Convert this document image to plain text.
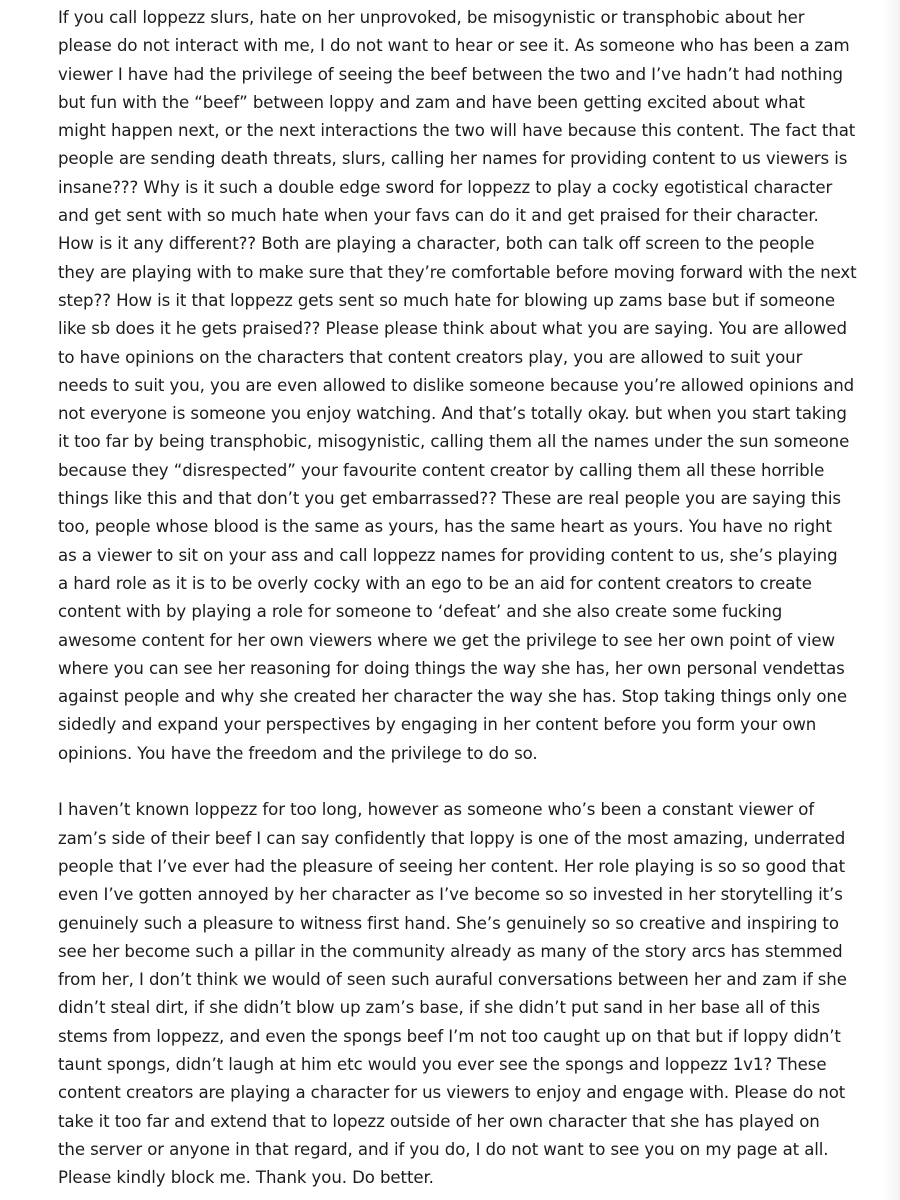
If you call loppezz slurs, hate on her unprovoked, be misogynistic or transphobic about her
please do not interact with me, I do not want to hear or see it. As someone who has been a zam
viewer I have had the privilege of seeing the beef between the two and I’ve hadn’t had nothing
but fun with the “beef” between loppy and zam and have been getting excited about what
might happen next, or the next interactions the two will have because this content. The fact that
people are sending death threats, slurs, calling her names for providing content to us viewers is
insane??? Why is it such a double edge sword for loppezz to play a cocky egotistical character
and get sent with so much hate when your favs can do it and get praised for their character.
How is it any different?? Both are playing a character, both can talk off screen to the people
they are playing with to make sure that they’re comfortable before moving forward with the next
step?? How is it that loppezz gets sent so much hate for blowing up zams base but if someone
like sb does it he gets praised?? Please please think about what you are saying. You are allowed
to have opinions on the characters that content creators play, you are allowed to suit your
needs to suit you, you are even allowed to dislike someone because you’re allowed opinions and
not everyone is someone you enjoy watching. And that’s totally okay. but when you start taking
it too far by being transphobic, misogynistic, calling them all the names under the sun someone
because they “disrespected” your favourite content creator by calling them all these horrible
things like this and that don’t you get embarrassed?? These are real people you are saying this
too, people whose blood is the same as yours, has the same heart as yours. You have no right
as a viewer to sit on your ass and call loppezz names for providing content to us, she’s playing
a hard role as it is to be overly cocky with an ego to be an aid for content creators to create
content with by playing a role for someone to ‘defeat’ and she also create some fucking
awesome content for her own viewers where we get the privilege to see her own point of view
where you can see her reasoning for doing things the way she has, her own personal vendettas
against people and why she created her character the way she has. Stop taking things only one
sidedly and expand your perspectives by engaging in her content before you form your own
opinions. You have the freedom and the privilege to do so.

I haven’t known loppezz for too long, however as someone who’s been a constant viewer of
zam’s side of their beef I can say confidently that loppy is one of the most amazing, underrated
people that I’ve ever had the pleasure of seeing her content. Her role playing is so so good that
even I’ve gotten annoyed by her character as I’ve become so so invested in her storytelling it’s
genuinely such a pleasure to witness first hand. She’s genuinely so so creative and inspiring to
see her become such a pillar in the community already as many of the story arcs has stemmed
from her, I don’t think we would of seen such auraful conversations between her and zam if she
didn’t steal dirt, if she didn’t blow up zam’s base, if she didn’t put sand in her base all of this
stems from loppezz, and even the spongs beef I’m not too caught up on that but if loppy didn’t
taunt spongs, didn’t laugh at him etc would you ever see the spongs and loppezz 1v1? These
content creators are playing a character for us viewers to enjoy and engage with. Please do not
take it too far and extend that to lopezz outside of her own character that she has played on
the server or anyone in that regard, and if you do, I do not want to see you on my page at all.
Please kindly block me. Thank you. Do better.
